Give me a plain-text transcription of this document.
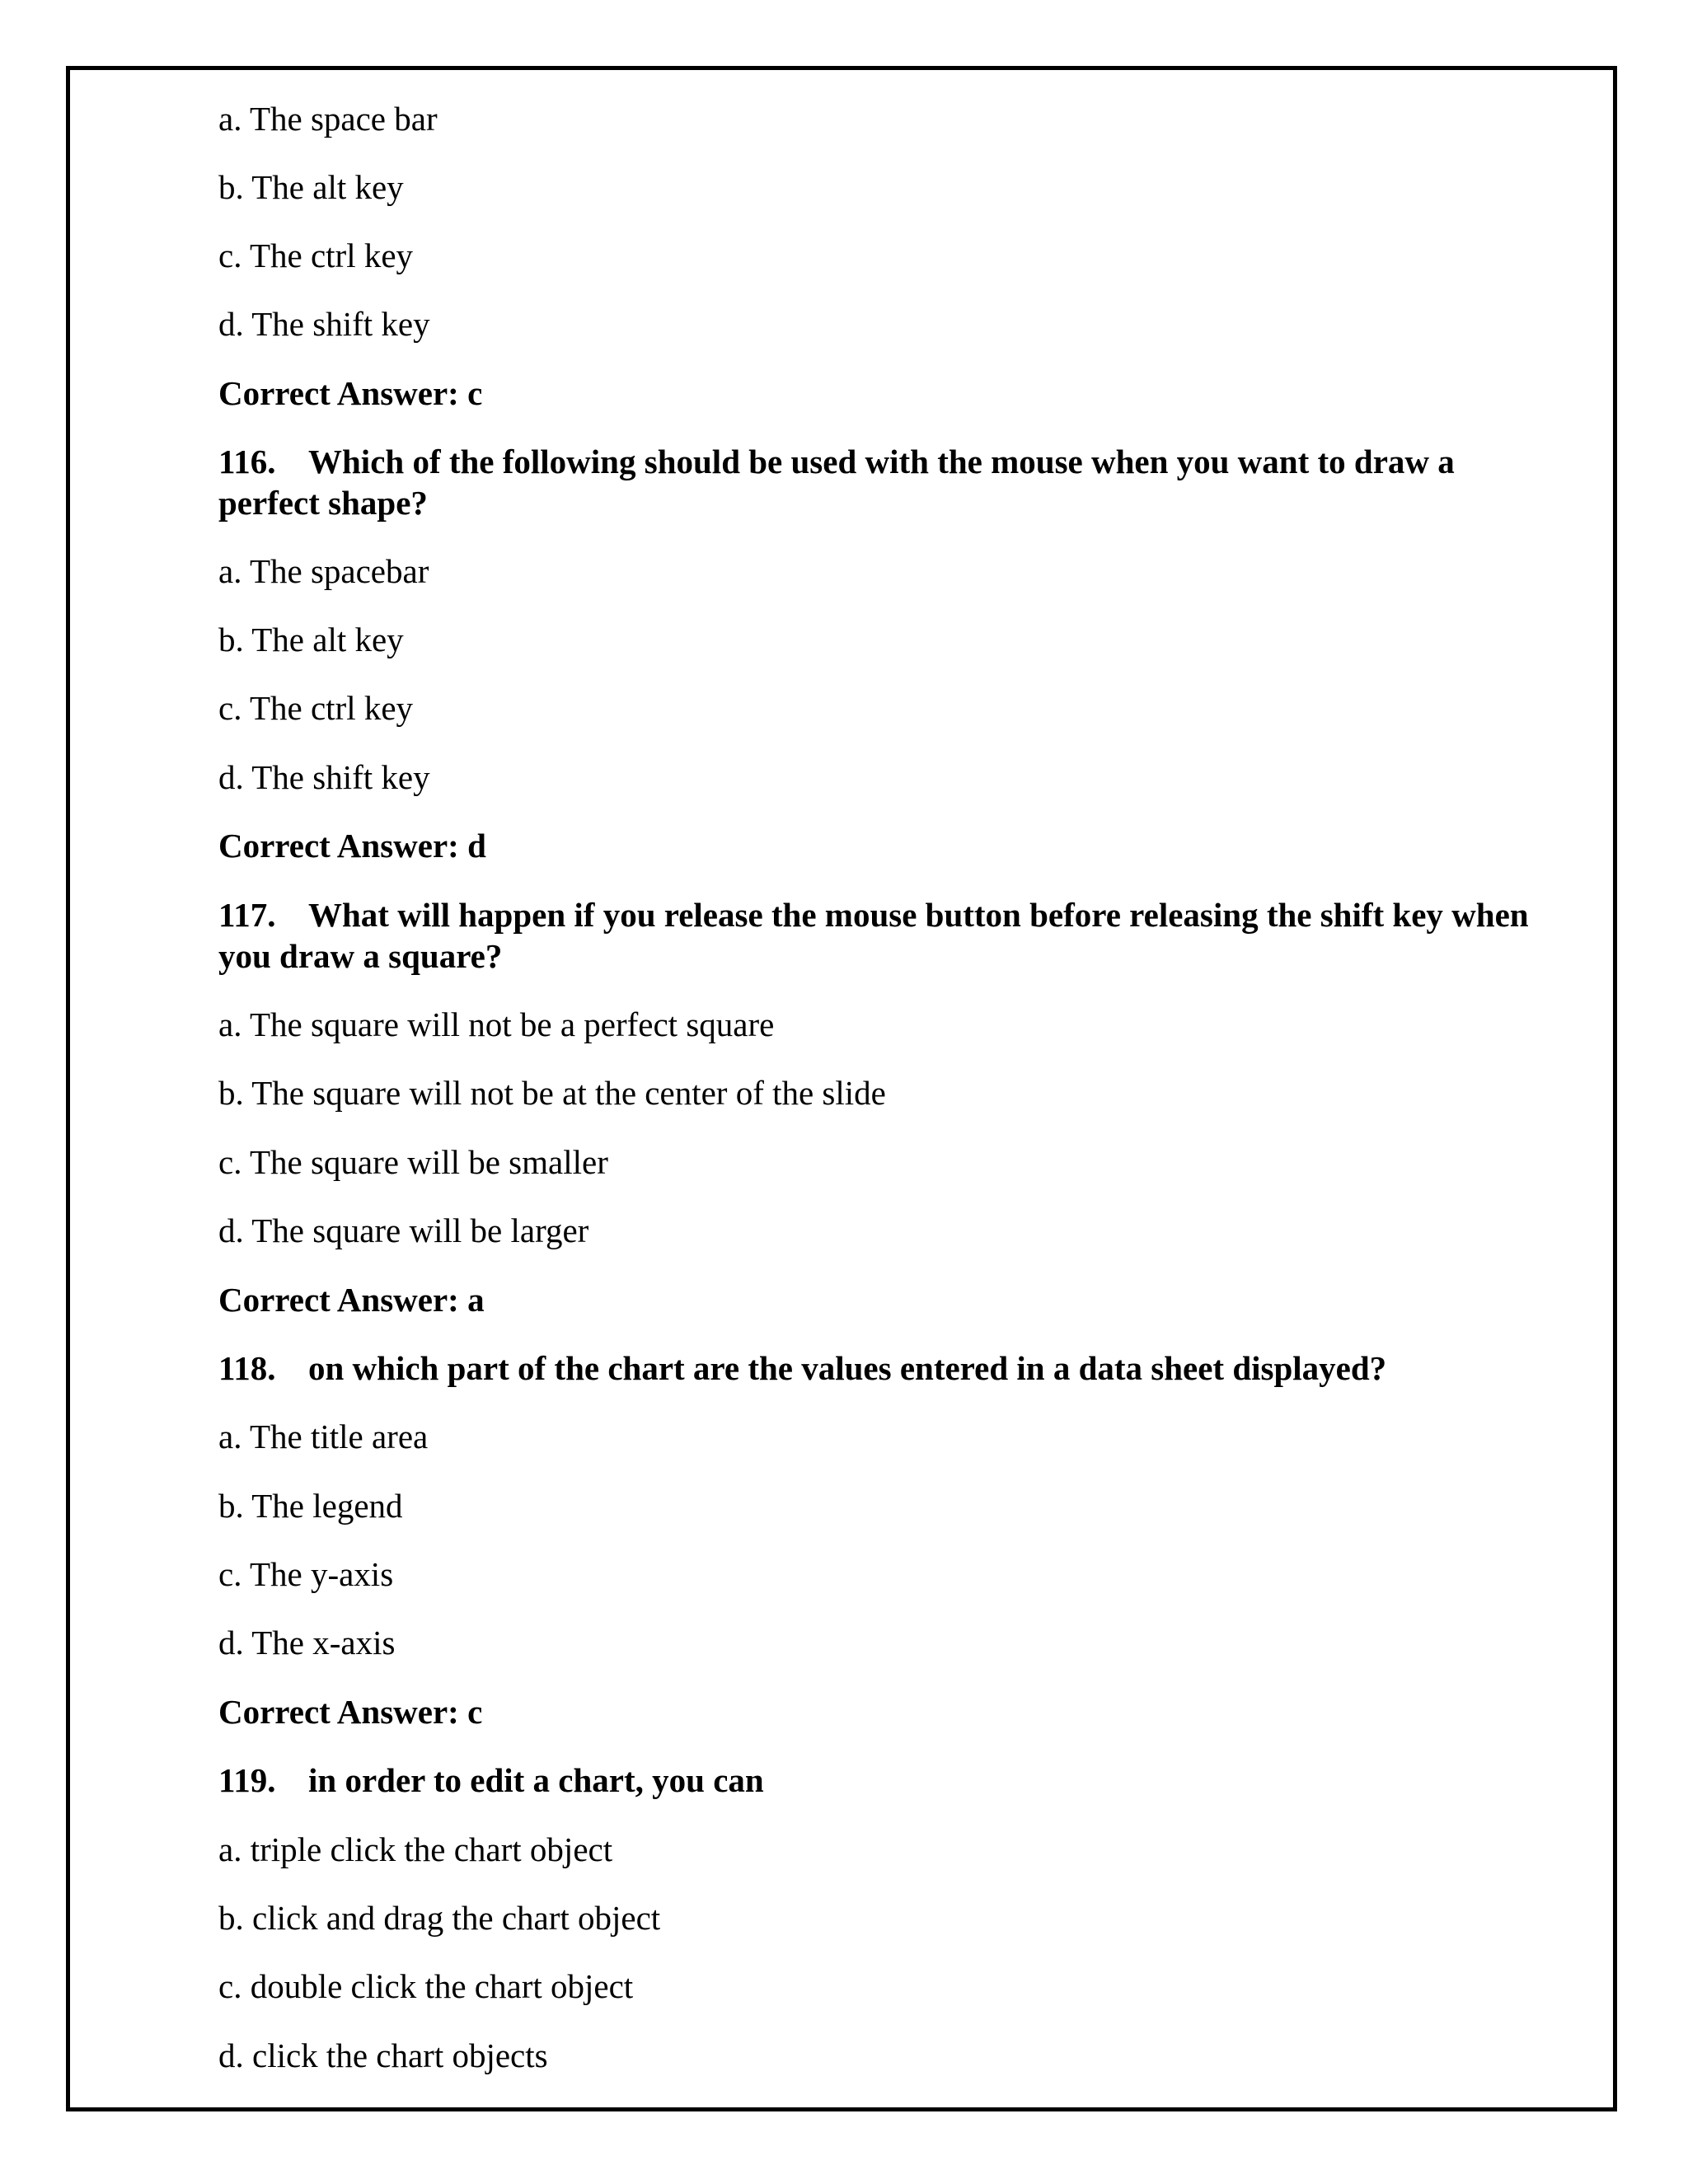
a. The space bar
b. The alt key
c. The ctrl key
d. The shift key
Correct Answer: c
116. Which of the following should be used with the mouse when you want to draw a perfect shape?
a. The spacebar
b. The alt key
c. The ctrl key
d. The shift key
Correct Answer: d
117. What will happen if you release the mouse button before releasing the shift key when you draw a square?
a. The square will not be a perfect square
b. The square will not be at the center of the slide
c. The square will be smaller
d. The square will be larger
Correct Answer: a
118. on which part of the chart are the values entered in a data sheet displayed?
a. The title area
b. The legend
c. The y-axis
d. The x-axis
Correct Answer: c
119. in order to edit a chart, you can
a. triple click the chart object
b. click and drag the chart object
c. double click the chart object
d. click the chart objects
